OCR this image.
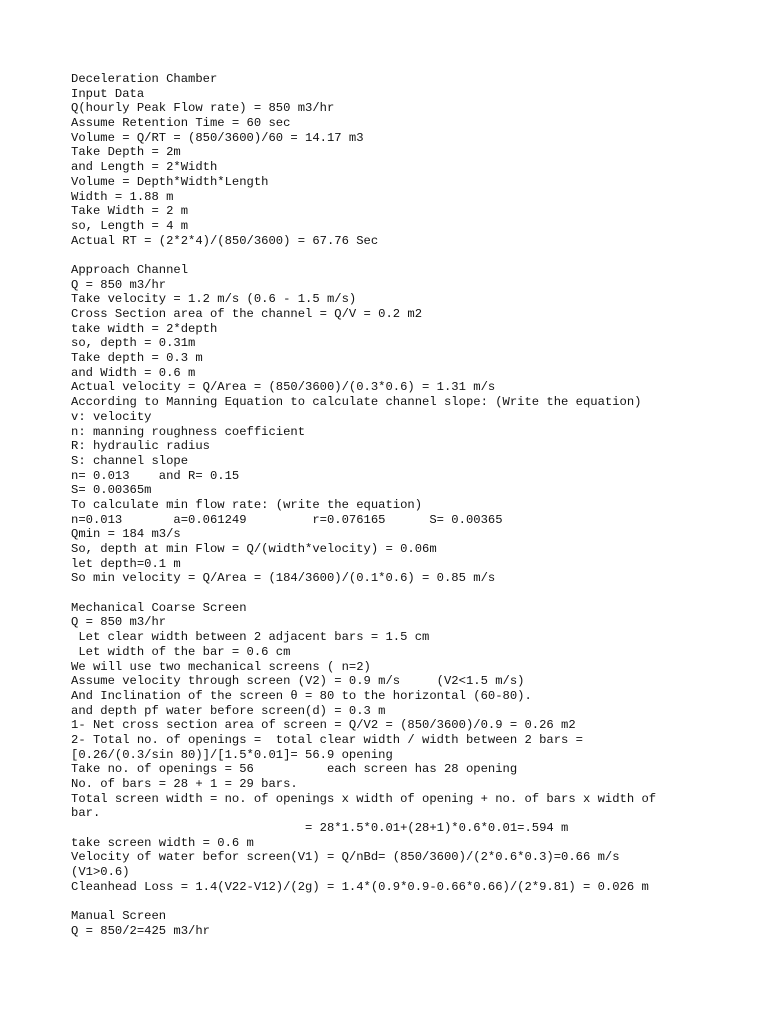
Deceleration Chamber
Input Data
Q(hourly Peak Flow rate) = 850 m3/hr
Assume Retention Time = 60 sec
Volume = Q/RT = (850/3600)/60 = 14.17 m3
Take Depth = 2m
and Length = 2*Width
Volume = Depth*Width*Length
Width = 1.88 m
Take Width = 2 m
so, Length = 4 m
Actual RT = (2*2*4)/(850/3600) = 67.76 Sec
Approach Channel
Q = 850 m3/hr
Take velocity = 1.2 m/s (0.6 - 1.5 m/s)
Cross Section area of the channel = Q/V = 0.2 m2
take width = 2*depth
so, depth = 0.31m
Take depth = 0.3 m
and Width = 0.6 m
Actual velocity = Q/Area = (850/3600)/(0.3*0.6) = 1.31 m/s
According to Manning Equation to calculate channel slope: (Write the equation)
v: velocity
n: manning roughness coefficient
R: hydraulic radius
S: channel slope
n= 0.013    and R= 0.15
S= 0.00365m
To calculate min flow rate: (write the equation)
n=0.013       a=0.061249         r=0.076165      S= 0.00365
Qmin = 184 m3/s
So, depth at min Flow = Q/(width*velocity) = 0.06m
let depth=0.1 m
So min velocity = Q/Area = (184/3600)/(0.1*0.6) = 0.85 m/s
Mechanical Coarse Screen
Q = 850 m3/hr
Let clear width between 2 adjacent bars = 1.5 cm
Let width of the bar = 0.6 cm
We will use two mechanical screens ( n=2)
Assume velocity through screen (V2) = 0.9 m/s     (V2<1.5 m/s)
And Inclination of the screen θ = 80 to the horizontal (60-80).
and depth pf water before screen(d) = 0.3 m
1- Net cross section area of screen = Q/V2 = (850/3600)/0.9 = 0.26 m2
2- Total no. of openings =  total clear width / width between 2 bars =
[0.26/(0.3/sin 80)]/[1.5*0.01]= 56.9 opening
Take no. of openings = 56          each screen has 28 opening
No. of bars = 28 + 1 = 29 bars.
Total screen width = no. of openings x width of opening + no. of bars x width of
bar.
= 28*1.5*0.01+(28+1)*0.6*0.01=.594 m
take screen width = 0.6 m
Velocity of water befor screen(V1) = Q/nBd= (850/3600)/(2*0.6*0.3)=0.66 m/s
(V1>0.6)
Cleanhead Loss = 1.4(V22-V12)/(2g) = 1.4*(0.9*0.9-0.66*0.66)/(2*9.81) = 0.026 m
Manual Screen
Q = 850/2=425 m3/hr
